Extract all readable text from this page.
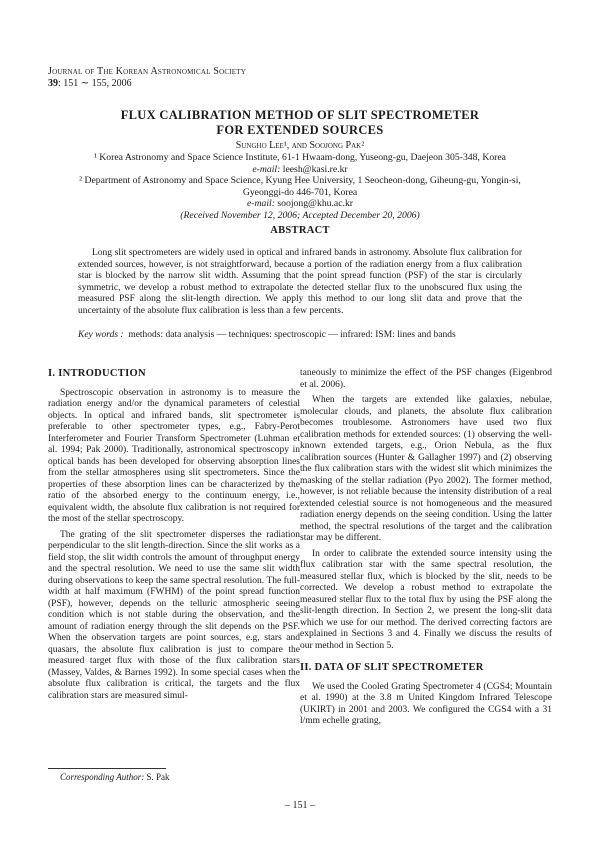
Journal of The Korean Astronomical Society
39: 151 ∼ 155, 2006
FLUX CALIBRATION METHOD OF SLIT SPECTROMETER
FOR EXTENDED SOURCES
Sungho Lee¹, and Soojong Pak²
¹ Korea Astronomy and Space Science Institute, 61-1 Hwaam-dong, Yuseong-gu, Daejeon 305-348, Korea
e-mail: leesh@kasi.re.kr
² Department of Astronomy and Space Science, Kyung Hee University, 1 Seocheon-dong, Giheung-gu, Yongin-si,
Gyeonggi-do 446-701, Korea
e-mail: soojong@khu.ac.kr
(Received November 12, 2006; Accepted December 20, 2006)
ABSTRACT

Long slit spectrometers are widely used in optical and infrared bands in astronomy. Absolute flux calibration for extended sources, however, is not straightforward, because a portion of the radiation energy from a flux calibration star is blocked by the narrow slit width. Assuming that the point spread function (PSF) of the star is circularly symmetric, we develop a robust method to extrapolate the detected stellar flux to the unobscured flux using the measured PSF along the slit-length direction. We apply this method to our long slit data and prove that the uncertainty of the absolute flux calibration is less than a few percents.

Key words : methods: data analysis — techniques: spectroscopic — infrared: ISM: lines and bands
I. INTRODUCTION

Spectroscopic observation in astronomy is to measure the radiation energy and/or the dynamical parameters of celestial objects. In optical and infrared bands, slit spectrometer is preferable to other spectrometer types, e.g., Fabry-Perot Interferometer and Fourier Transform Spectrometer (Luhman et al. 1994; Pak 2000). Traditionally, astronomical spectroscopy in optical bands has been developed for observing absorption lines from the stellar atmospheres using slit spectrometers. Since the properties of these absorption lines can be characterized by the ratio of the absorbed energy to the continuum energy, i.e., equivalent width, the absolute flux calibration is not required for the most of the stellar spectroscopy.

The grating of the slit spectrometer disperses the radiation perpendicular to the slit length-direction. Since the slit works as a field stop, the slit width controls the amount of throughput energy and the spectral resolution. We need to use the same slit width during observations to keep the same spectral resolution. The full-width at half maximum (FWHM) of the point spread function (PSF), however, depends on the telluric atmospheric seeing condition which is not stable during the observation, and the amount of radiation energy through the slit depends on the PSF. When the observation targets are point sources, e.g, stars and quasars, the absolute flux calibration is just to compare the measured target flux with those of the flux calibration stars (Massey, Valdes, & Barnes 1992). In some special cases when the absolute flux calibration is critical, the targets and the flux calibration stars are measured simul-

taneously to minimize the effect of the PSF changes (Eigenbrod et al. 2006).

When the targets are extended like galaxies, nebulae, molecular clouds, and planets, the absolute flux calibration becomes troublesome. Astronomers have used two flux calibration methods for extended sources: (1) observing the well-known extended targets, e.g., Orion Nebula, as the flux calibration sources (Hunter & Gallagher 1997) and (2) observing the flux calibration stars with the widest slit which minimizes the masking of the stellar radiation (Pyo 2002). The former method, however, is not reliable because the intensity distribution of a real extended celestial source is not homogeneous and the measured radiation energy depends on the seeing condition. Using the latter method, the spectral resolutions of the target and the calibration star may be different.

In order to calibrate the extended source intensity using the flux calibration star with the same spectral resolution, the measured stellar flux, which is blocked by the slit, needs to be corrected. We develop a robust method to extrapolate the measured stellar flux to the total flux by using the PSF along the slit-length direction. In Section 2, we present the long-slit data which we use for our method. The derived correcting factors are explained in Sections 3 and 4. Finally we discuss the results of our method in Section 5.

II. DATA OF SLIT SPECTROMETER

We used the Cooled Grating Spectrometer 4 (CGS4; Mountain et al. 1990) at the 3.8 m United Kingdom Infrared Telescope (UKIRT) in 2001 and 2003. We configured the CGS4 with a 31 l/mm echelle grating,

Corresponding Author: S. Pak
– 151 –
